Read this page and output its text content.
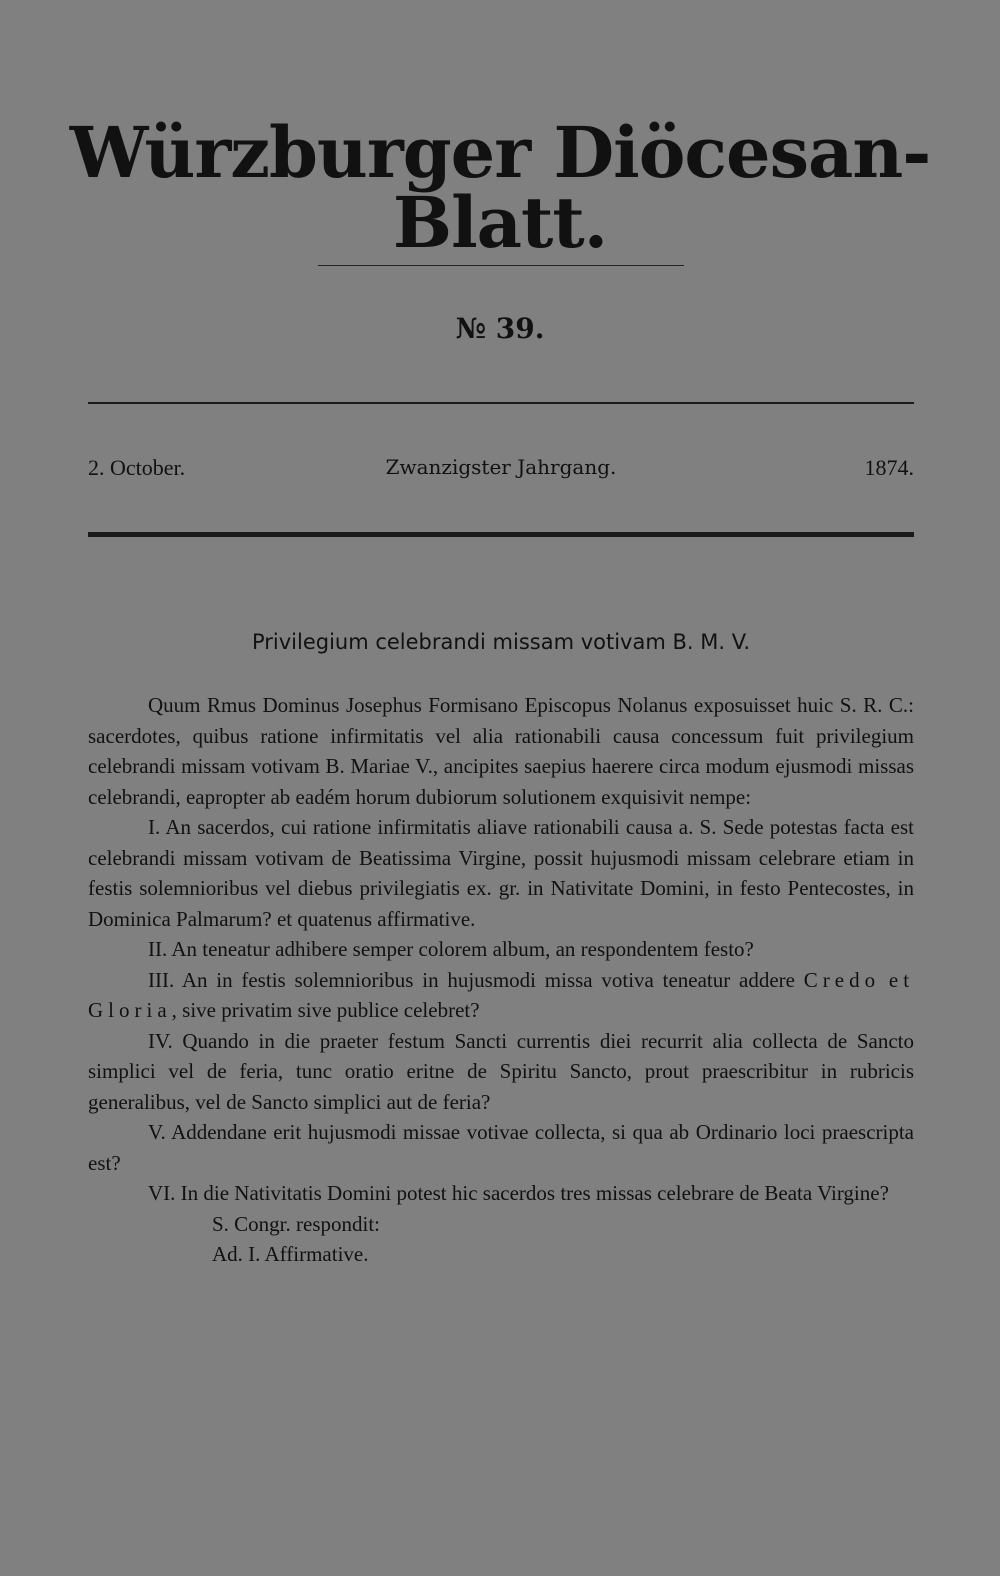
Würzburger Diöcesan-Blatt.
№ 39.
2. October.	Zwanzigster Jahrgang.	1874.
Privilegium celebrandi missam votivam B. M. V.

Quum Rmus Dominus Josephus Formisano Episcopus Nolanus exposuisset huic S. R. C.: sacerdotes, quibus ratione infirmitatis vel alia rationabili causa concessum fuit privilegium celebrandi missam votivam B. Mariae V., ancipites saepius haerere circa modum ejusmodi missas celebrandi, eapropter ab eadém horum dubiorum solutionem exquisivit nempe:

I. An sacerdos, cui ratione infirmitatis aliave rationabili causa a. S. Sede potestas facta est celebrandi missam votivam de Beatissima Virgine, possit hujusmodi missam celebrare etiam in festis solemnioribus vel diebus privilegiatis ex. gr. in Nativitate Domini, in festo Pentecostes, in Dominica Palmarum? et quatenus affirmative.

II. An teneatur adhibere semper colorem album, an respondentem festo?

III. An in festis solemnioribus in hujusmodi missa votiva teneatur addere Credo et Gloria, sive privatim sive publice celebret?

IV. Quando in die praeter festum Sancti currentis diei recurrit alia collecta de Sancto simplici vel de feria, tunc oratio eritne de Spiritu Sancto, prout praescribitur in rubricis generalibus, vel de Sancto simplici aut de feria?

V. Addendane erit hujusmodi missae votivae collecta, si qua ab Ordinario loci praescripta est?

VI. In die Nativitatis Domini potest hic sacerdos tres missas celebrare de Beata Virgine?

S. Congr. respondit:
Ad. I. Affirmative.
